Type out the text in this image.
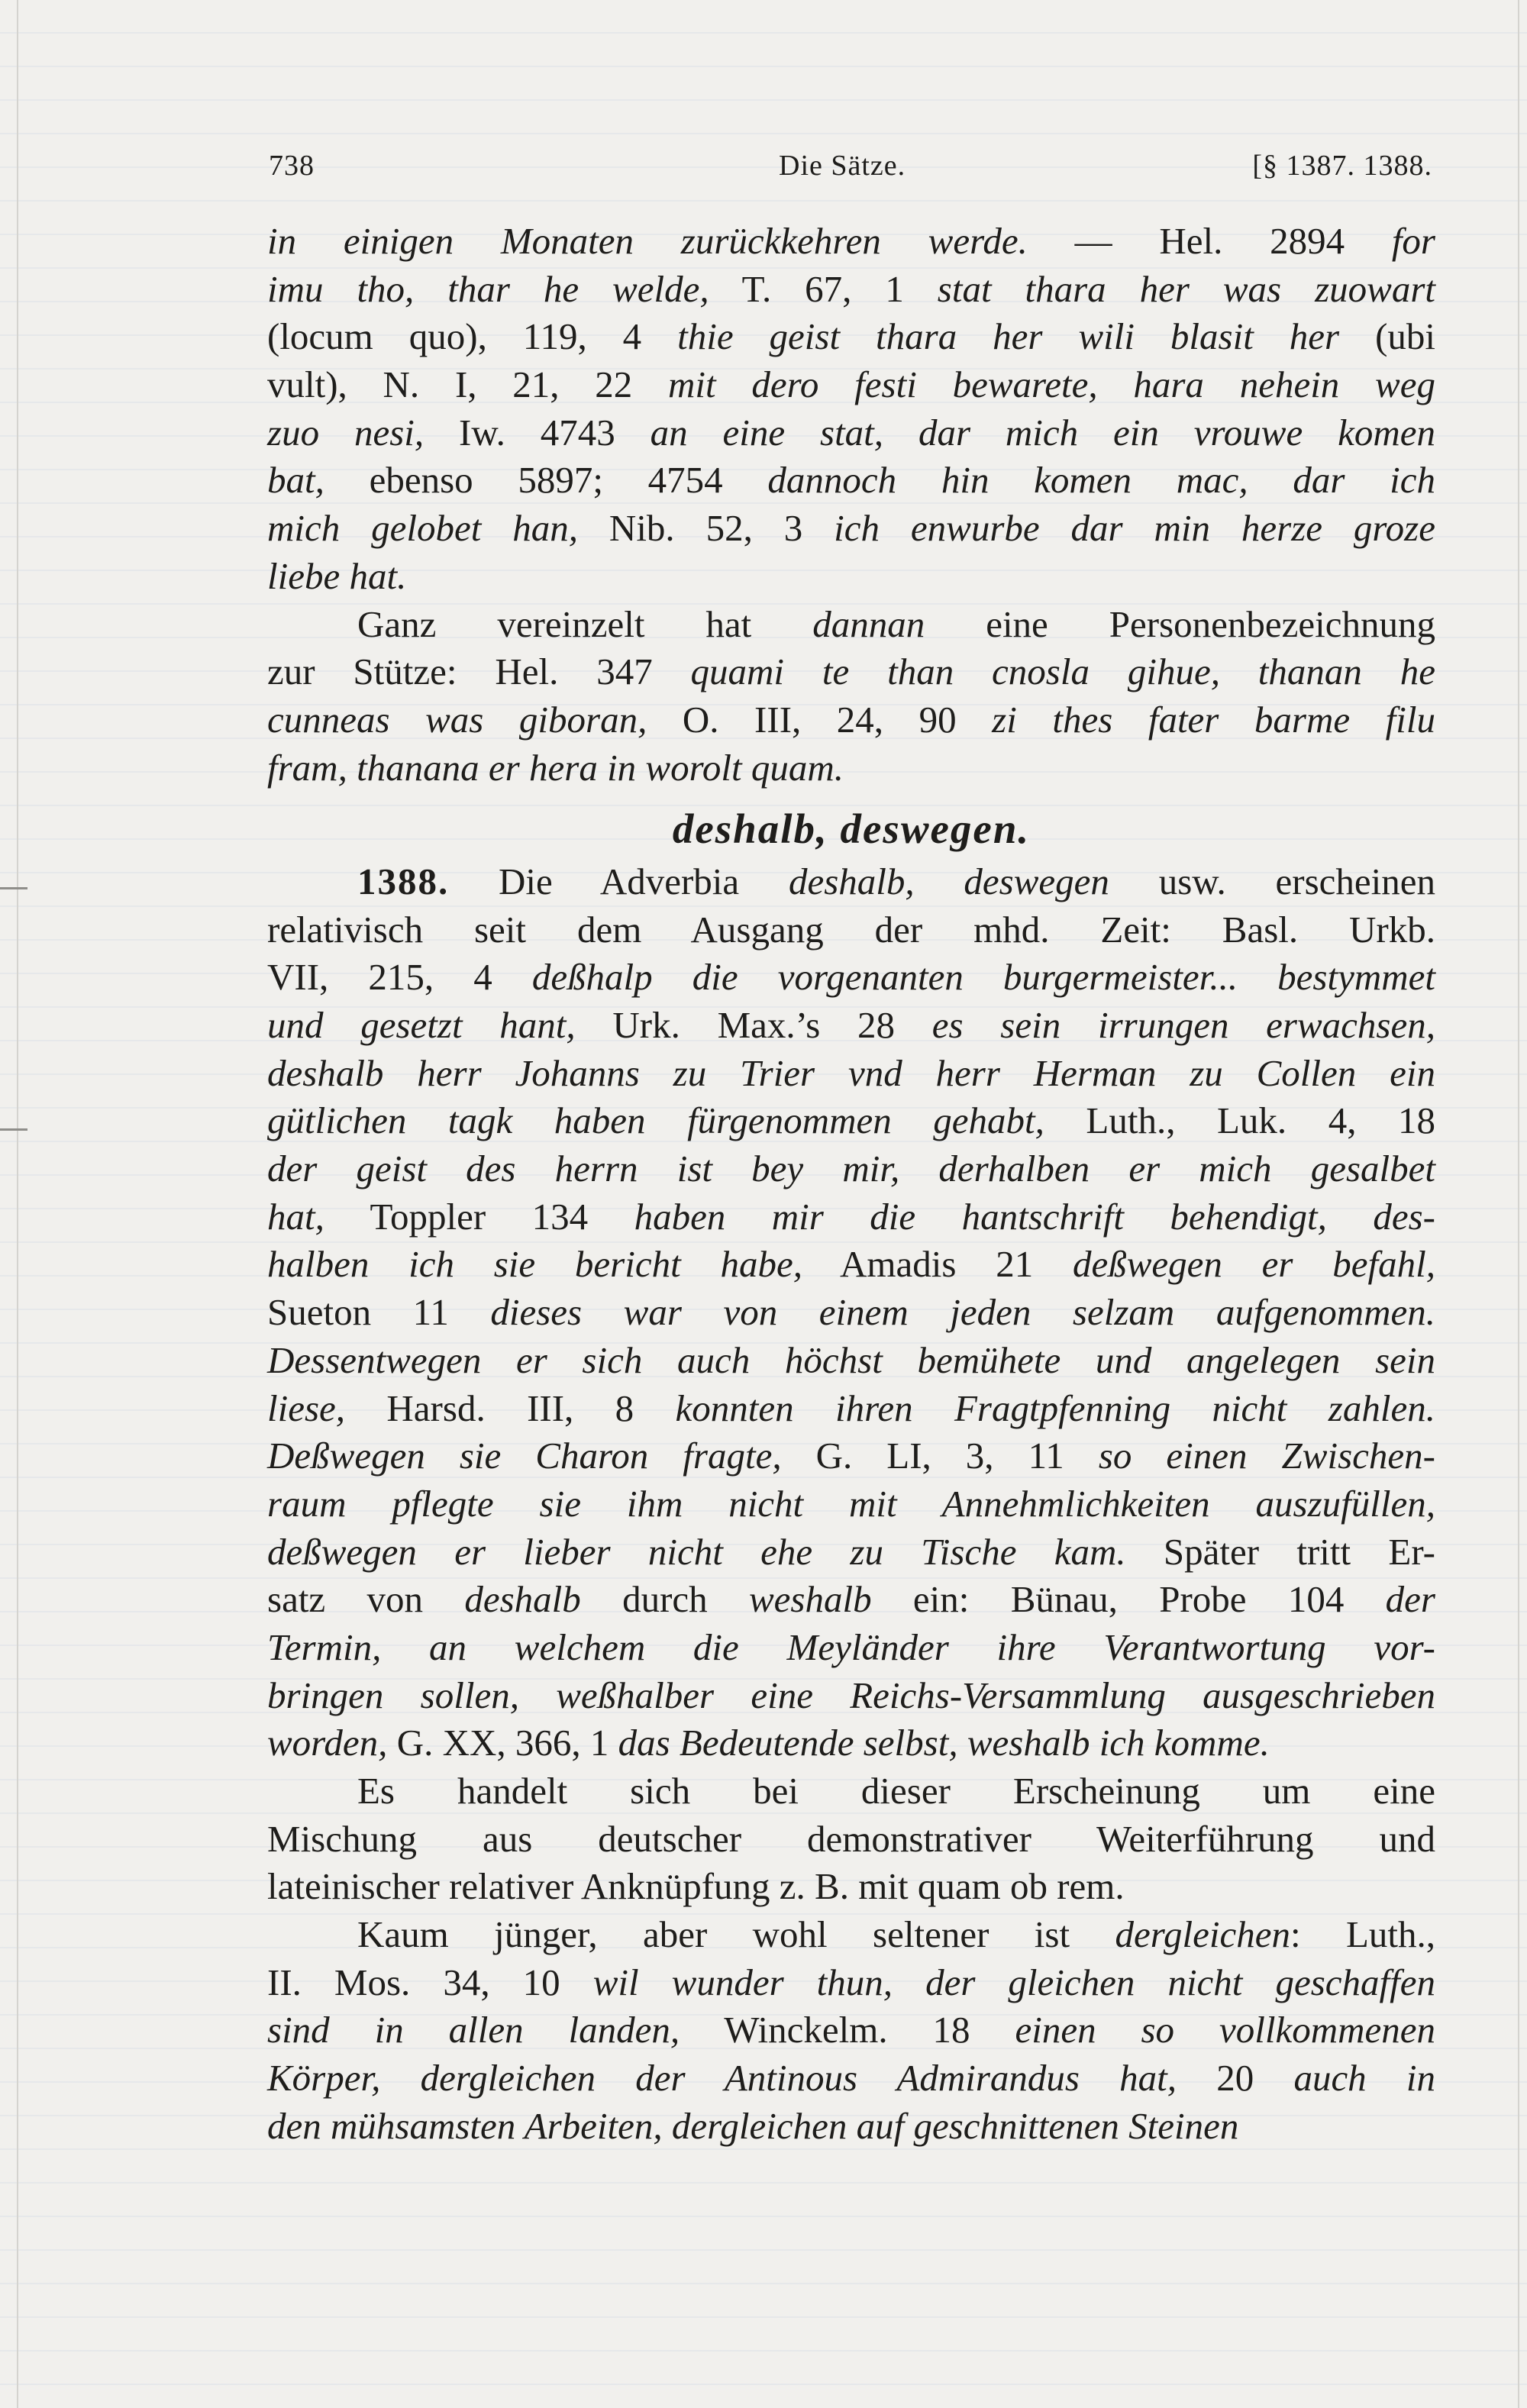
738	Die Sätze.	[§ 1387. 1388.
in einigen Monaten zurückkehren werde. — Hel. 2894 for
imu tho, thar he welde, T. 67, 1 stat thara her was zuowart
(locum quo), 119, 4 thie geist thara her wili blasit her (ubi
vult), N. I, 21, 22 mit dero festi bewarete, hara nehein weg
zuo nesi, Iw. 4743 an eine stat, dar mich ein vrouwe komen
bat, ebenso 5897; 4754 dannoch hin komen mac, dar ich
mich gelobet han, Nib. 52, 3 ich enwurbe dar min herze groze
liebe hat.
Ganz vereinzelt hat dannan eine Personenbezeichnung
zur Stütze: Hel. 347 quami te than cnosla gihue, thanan he
cunneas was giboran, O. III, 24, 90 zi thes fater barme filu
fram, thanana er hera in worolt quam.
deshalb, deswegen.
1388. Die Adverbia deshalb, deswegen usw. erscheinen
relativisch seit dem Ausgang der mhd. Zeit: Basl. Urkb.
VII, 215, 4 deßhalp die vorgenanten burgermeister... bestymmet
und gesetzt hant, Urk. Max.’s 28 es sein irrungen erwachsen,
deshalb herr Johanns zu Trier vnd herr Herman zu Collen ein
gütlichen tagk haben fürgenommen gehabt, Luth., Luk. 4, 18
der geist des herrn ist bey mir, derhalben er mich gesalbet
hat, Toppler 134 haben mir die hantschrift behendigt, des-
halben ich sie bericht habe, Amadis 21 deßwegen er befahl,
Sueton 11 dieses war von einem jeden selzam aufgenommen.
Dessentwegen er sich auch höchst bemühete und angelegen sein
liese, Harsd. III, 8 konnten ihren Fragtpfenning nicht zahlen.
Deßwegen sie Charon fragte, G. LI, 3, 11 so einen Zwischen-
raum pflegte sie ihm nicht mit Annehmlichkeiten auszufüllen,
deßwegen er lieber nicht ehe zu Tische kam. Später tritt Er-
satz von deshalb durch weshalb ein: Bünau, Probe 104 der
Termin, an welchem die Meyländer ihre Verantwortung vor-
bringen sollen, weßhalber eine Reichs-Versammlung ausgeschrieben
worden, G. XX, 366, 1 das Bedeutende selbst, weshalb ich komme.
Es handelt sich bei dieser Erscheinung um eine
Mischung aus deutscher demonstrativer Weiterführung und
lateinischer relativer Anknüpfung z. B. mit quam ob rem.
Kaum jünger, aber wohl seltener ist dergleichen: Luth.,
II. Mos. 34, 10 wil wunder thun, der gleichen nicht geschaffen
sind in allen landen, Winckelm. 18 einen so vollkommenen
Körper, dergleichen der Antinous Admirandus hat, 20 auch in
den mühsamsten Arbeiten, dergleichen auf geschnittenen Steinen
